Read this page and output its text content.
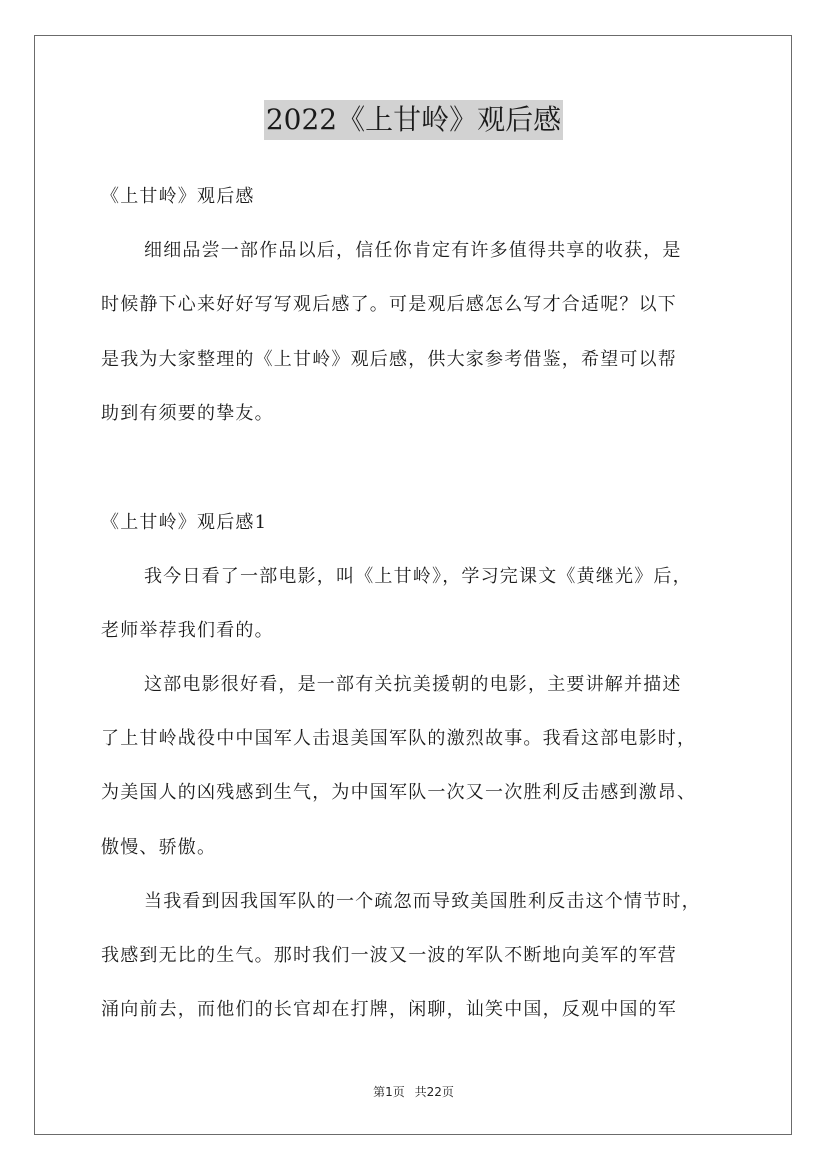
2022《上甘岭》观后感
《上甘岭》观后感
细细品尝一部作品以后，信任你肯定有许多值得共享的收获，是
时候静下心来好好写写观后感了。可是观后感怎么写才合适呢？以下
是我为大家整理的《上甘岭》观后感，供大家参考借鉴，希望可以帮
助到有须要的挚友。
《上甘岭》观后感1
我今日看了一部电影，叫《上甘岭》，学习完课文《黄继光》后，
老师举荐我们看的。
这部电影很好看，是一部有关抗美援朝的电影，主要讲解并描述
了上甘岭战役中中国军人击退美国军队的激烈故事。我看这部电影时，
为美国人的凶残感到生气，为中国军队一次又一次胜利反击感到激昂、
傲慢、骄傲。
当我看到因我国军队的一个疏忽而导致美国胜利反击这个情节时，
我感到无比的生气。那时我们一波又一波的军队不断地向美军的军营
涌向前去，而他们的长官却在打牌，闲聊，讪笑中国，反观中国的军
第1页 共22页
